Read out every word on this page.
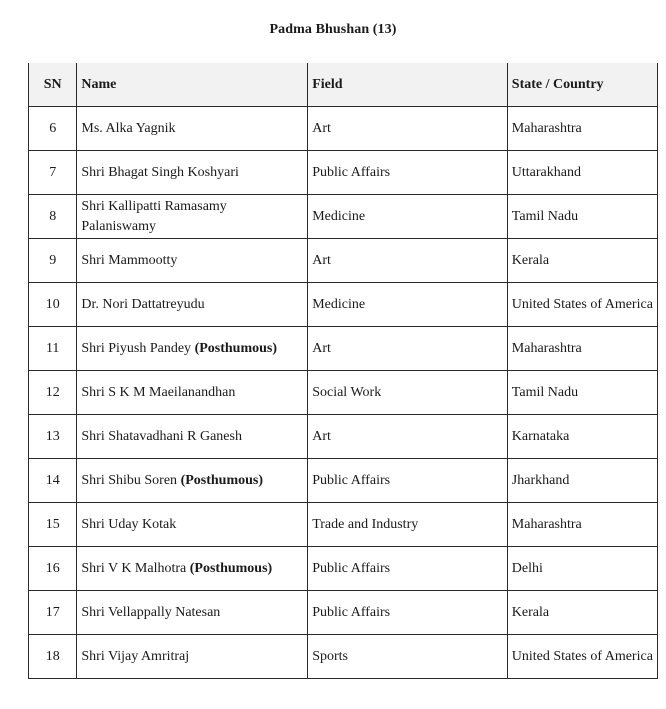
Padma Bhushan (13)
SN	Name	Field	State / Country
6	Ms. Alka Yagnik	Art	Maharashtra
7	Shri Bhagat Singh Koshyari	Public Affairs	Uttarakhand
8	Shri Kallipatti Ramasamy Palaniswamy	Medicine	Tamil Nadu
9	Shri Mammootty	Art	Kerala
10	Dr. Nori Dattatreyudu	Medicine	United States of America
11	Shri Piyush Pandey (Posthumous)	Art	Maharashtra
12	Shri S K M Maeilanandhan	Social Work	Tamil Nadu
13	Shri Shatavadhani R Ganesh	Art	Karnataka
14	Shri Shibu Soren (Posthumous)	Public Affairs	Jharkhand
15	Shri Uday Kotak	Trade and Industry	Maharashtra
16	Shri V K Malhotra (Posthumous)	Public Affairs	Delhi
17	Shri Vellappally Natesan	Public Affairs	Kerala
18	Shri Vijay Amritraj	Sports	United States of America
